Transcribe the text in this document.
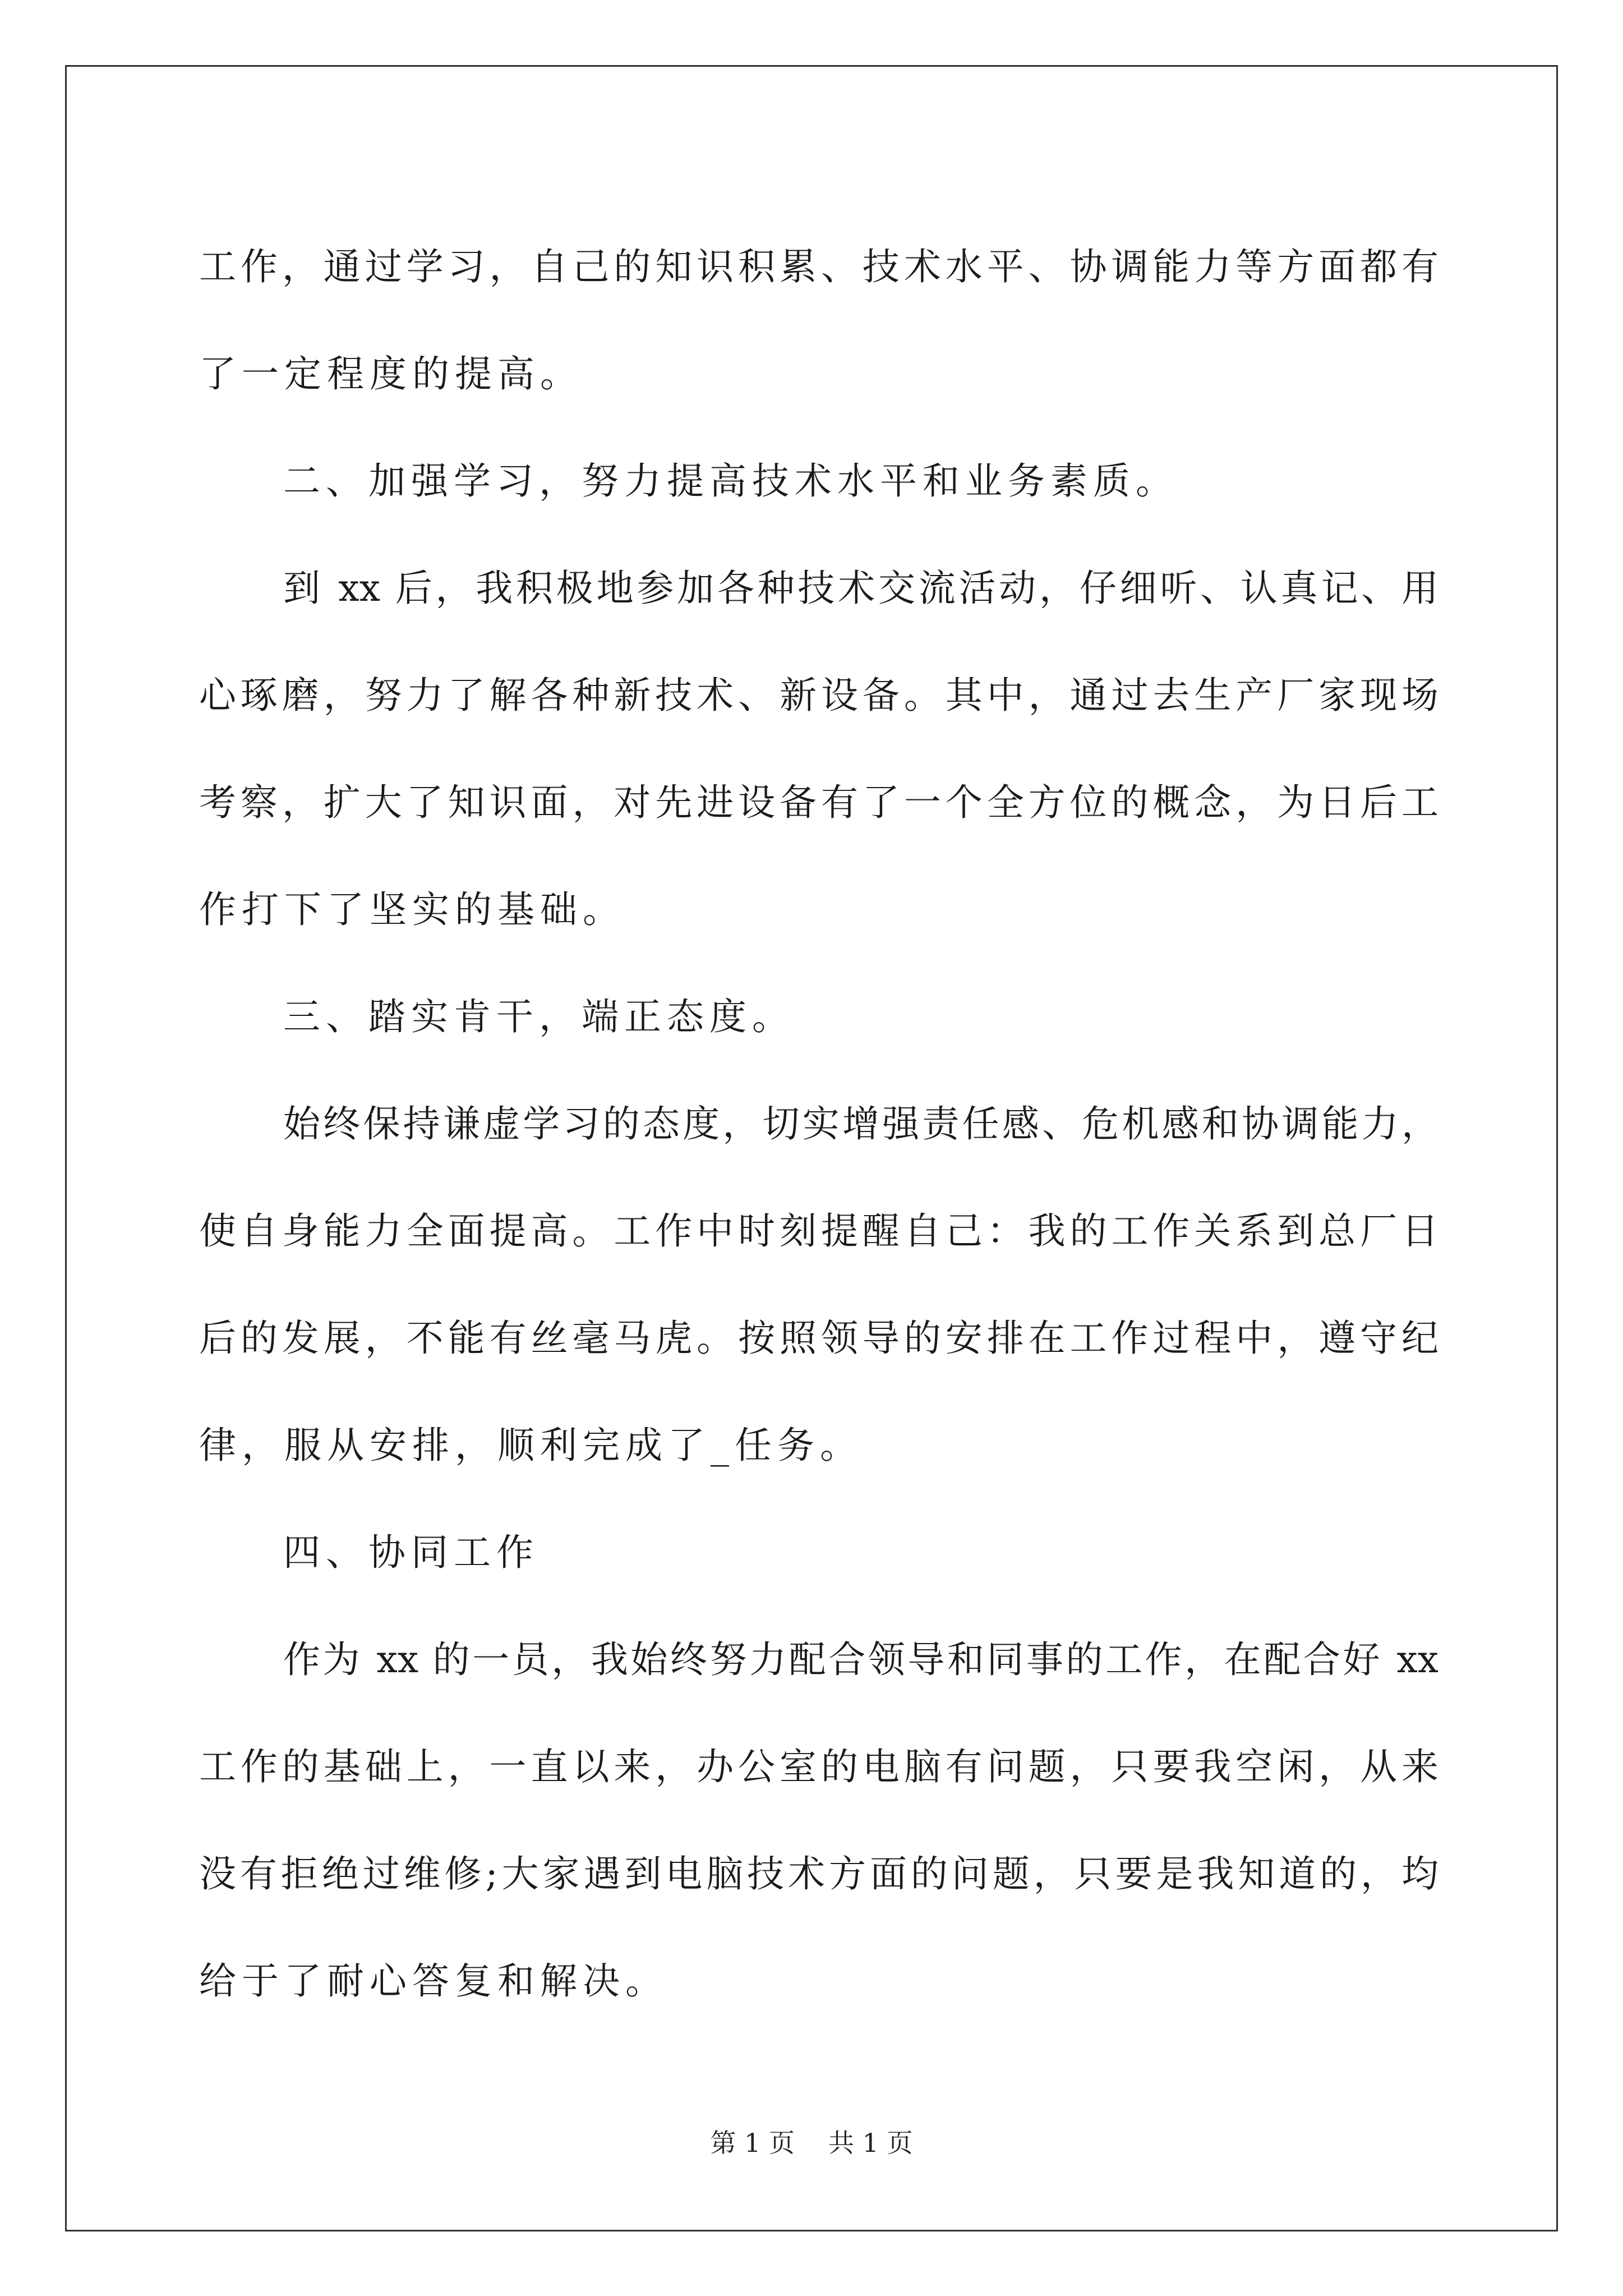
工作，通过学习，自己的知识积累、技术水平、协调能力等方面都有
了一定程度的提高。
二、加强学习，努力提高技术水平和业务素质。
到 xx 后，我积极地参加各种技术交流活动，仔细听、认真记、用
心琢磨，努力了解各种新技术、新设备。其中，通过去生产厂家现场
考察，扩大了知识面，对先进设备有了一个全方位的概念，为日后工
作打下了坚实的基础。
三、踏实肯干，端正态度。
始终保持谦虚学习的态度，切实增强责任感、危机感和协调能力，
使自身能力全面提高。工作中时刻提醒自己：我的工作关系到总厂日
后的发展，不能有丝毫马虎。按照领导的安排在工作过程中，遵守纪
律，服从安排，顺利完成了_任务。
四、协同工作
作为 xx 的一员，我始终努力配合领导和同事的工作，在配合好 xx
工作的基础上，一直以来，办公室的电脑有问题，只要我空闲，从来
没有拒绝过维修;大家遇到电脑技术方面的问题，只要是我知道的，均
给于了耐心答复和解决。
第 1 页 共 1 页
